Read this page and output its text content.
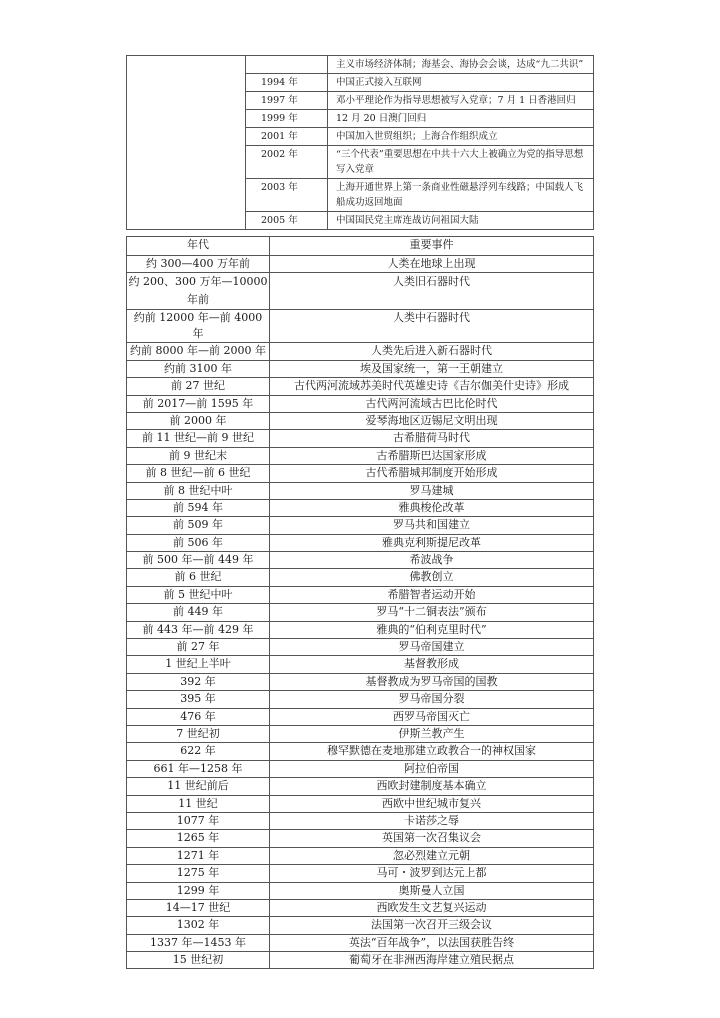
		主义市场经济体制；海基会、海协会会谈，达成“九二共识”
	1994 年	中国正式接入互联网
	1997 年	邓小平理论作为指导思想被写入党章；7 月 1 日香港回归
	1999 年	12 月 20 日澳门回归
	2001 年	中国加入世贸组织；上海合作组织成立
	2002 年	“三个代表”重要思想在中共十六大上被确立为党的指导思想写入党章
	2003 年	上海开通世界上第一条商业性磁悬浮列车线路；中国载人飞船成功返回地面
	2005 年	中国国民党主席连战访问祖国大陆
年代	重要事件
约 300—400 万年前	人类在地球上出现
约 200、300 万年—10000 年前	人类旧石器时代
约前 12000 年—前 4000 年	人类中石器时代
约前 8000 年—前 2000 年	人类先后进入新石器时代
约前 3100 年	埃及国家统一，第一王朝建立
前 27 世纪	古代两河流域苏美时代英雄史诗《吉尔伽美什史诗》形成
前 2017—前 1595 年	古代两河流域古巴比伦时代
前 2000 年	爱琴海地区迈锡尼文明出现
前 11 世纪—前 9 世纪	古希腊荷马时代
前 9 世纪末	古希腊斯巴达国家形成
前 8 世纪—前 6 世纪	古代希腊城邦制度开始形成
前 8 世纪中叶	罗马建城
前 594 年	雅典梭伦改革
前 509 年	罗马共和国建立
前 506 年	雅典克利斯提尼改革
前 500 年—前 449 年	希波战争
前 6 世纪	佛教创立
前 5 世纪中叶	希腊智者运动开始
前 449 年	罗马“十二铜表法”颁布
前 443 年—前 429 年	雅典的“伯利克里时代”
前 27 年	罗马帝国建立
1 世纪上半叶	基督教形成
392 年	基督教成为罗马帝国的国教
395 年	罗马帝国分裂
476 年	西罗马帝国灭亡
7 世纪初	伊斯兰教产生
622 年	穆罕默德在麦地那建立政教合一的神权国家
661 年—1258 年	阿拉伯帝国
11 世纪前后	西欧封建制度基本确立
11 世纪	西欧中世纪城市复兴
1077 年	卡诺莎之辱
1265 年	英国第一次召集议会
1271 年	忽必烈建立元朝
1275 年	马可・波罗到达元上都
1299 年	奥斯曼人立国
14—17 世纪	西欧发生文艺复兴运动
1302 年	法国第一次召开三级会议
1337 年—1453 年	英法“百年战争”，以法国获胜告终
15 世纪初	葡萄牙在非洲西海岸建立殖民据点
